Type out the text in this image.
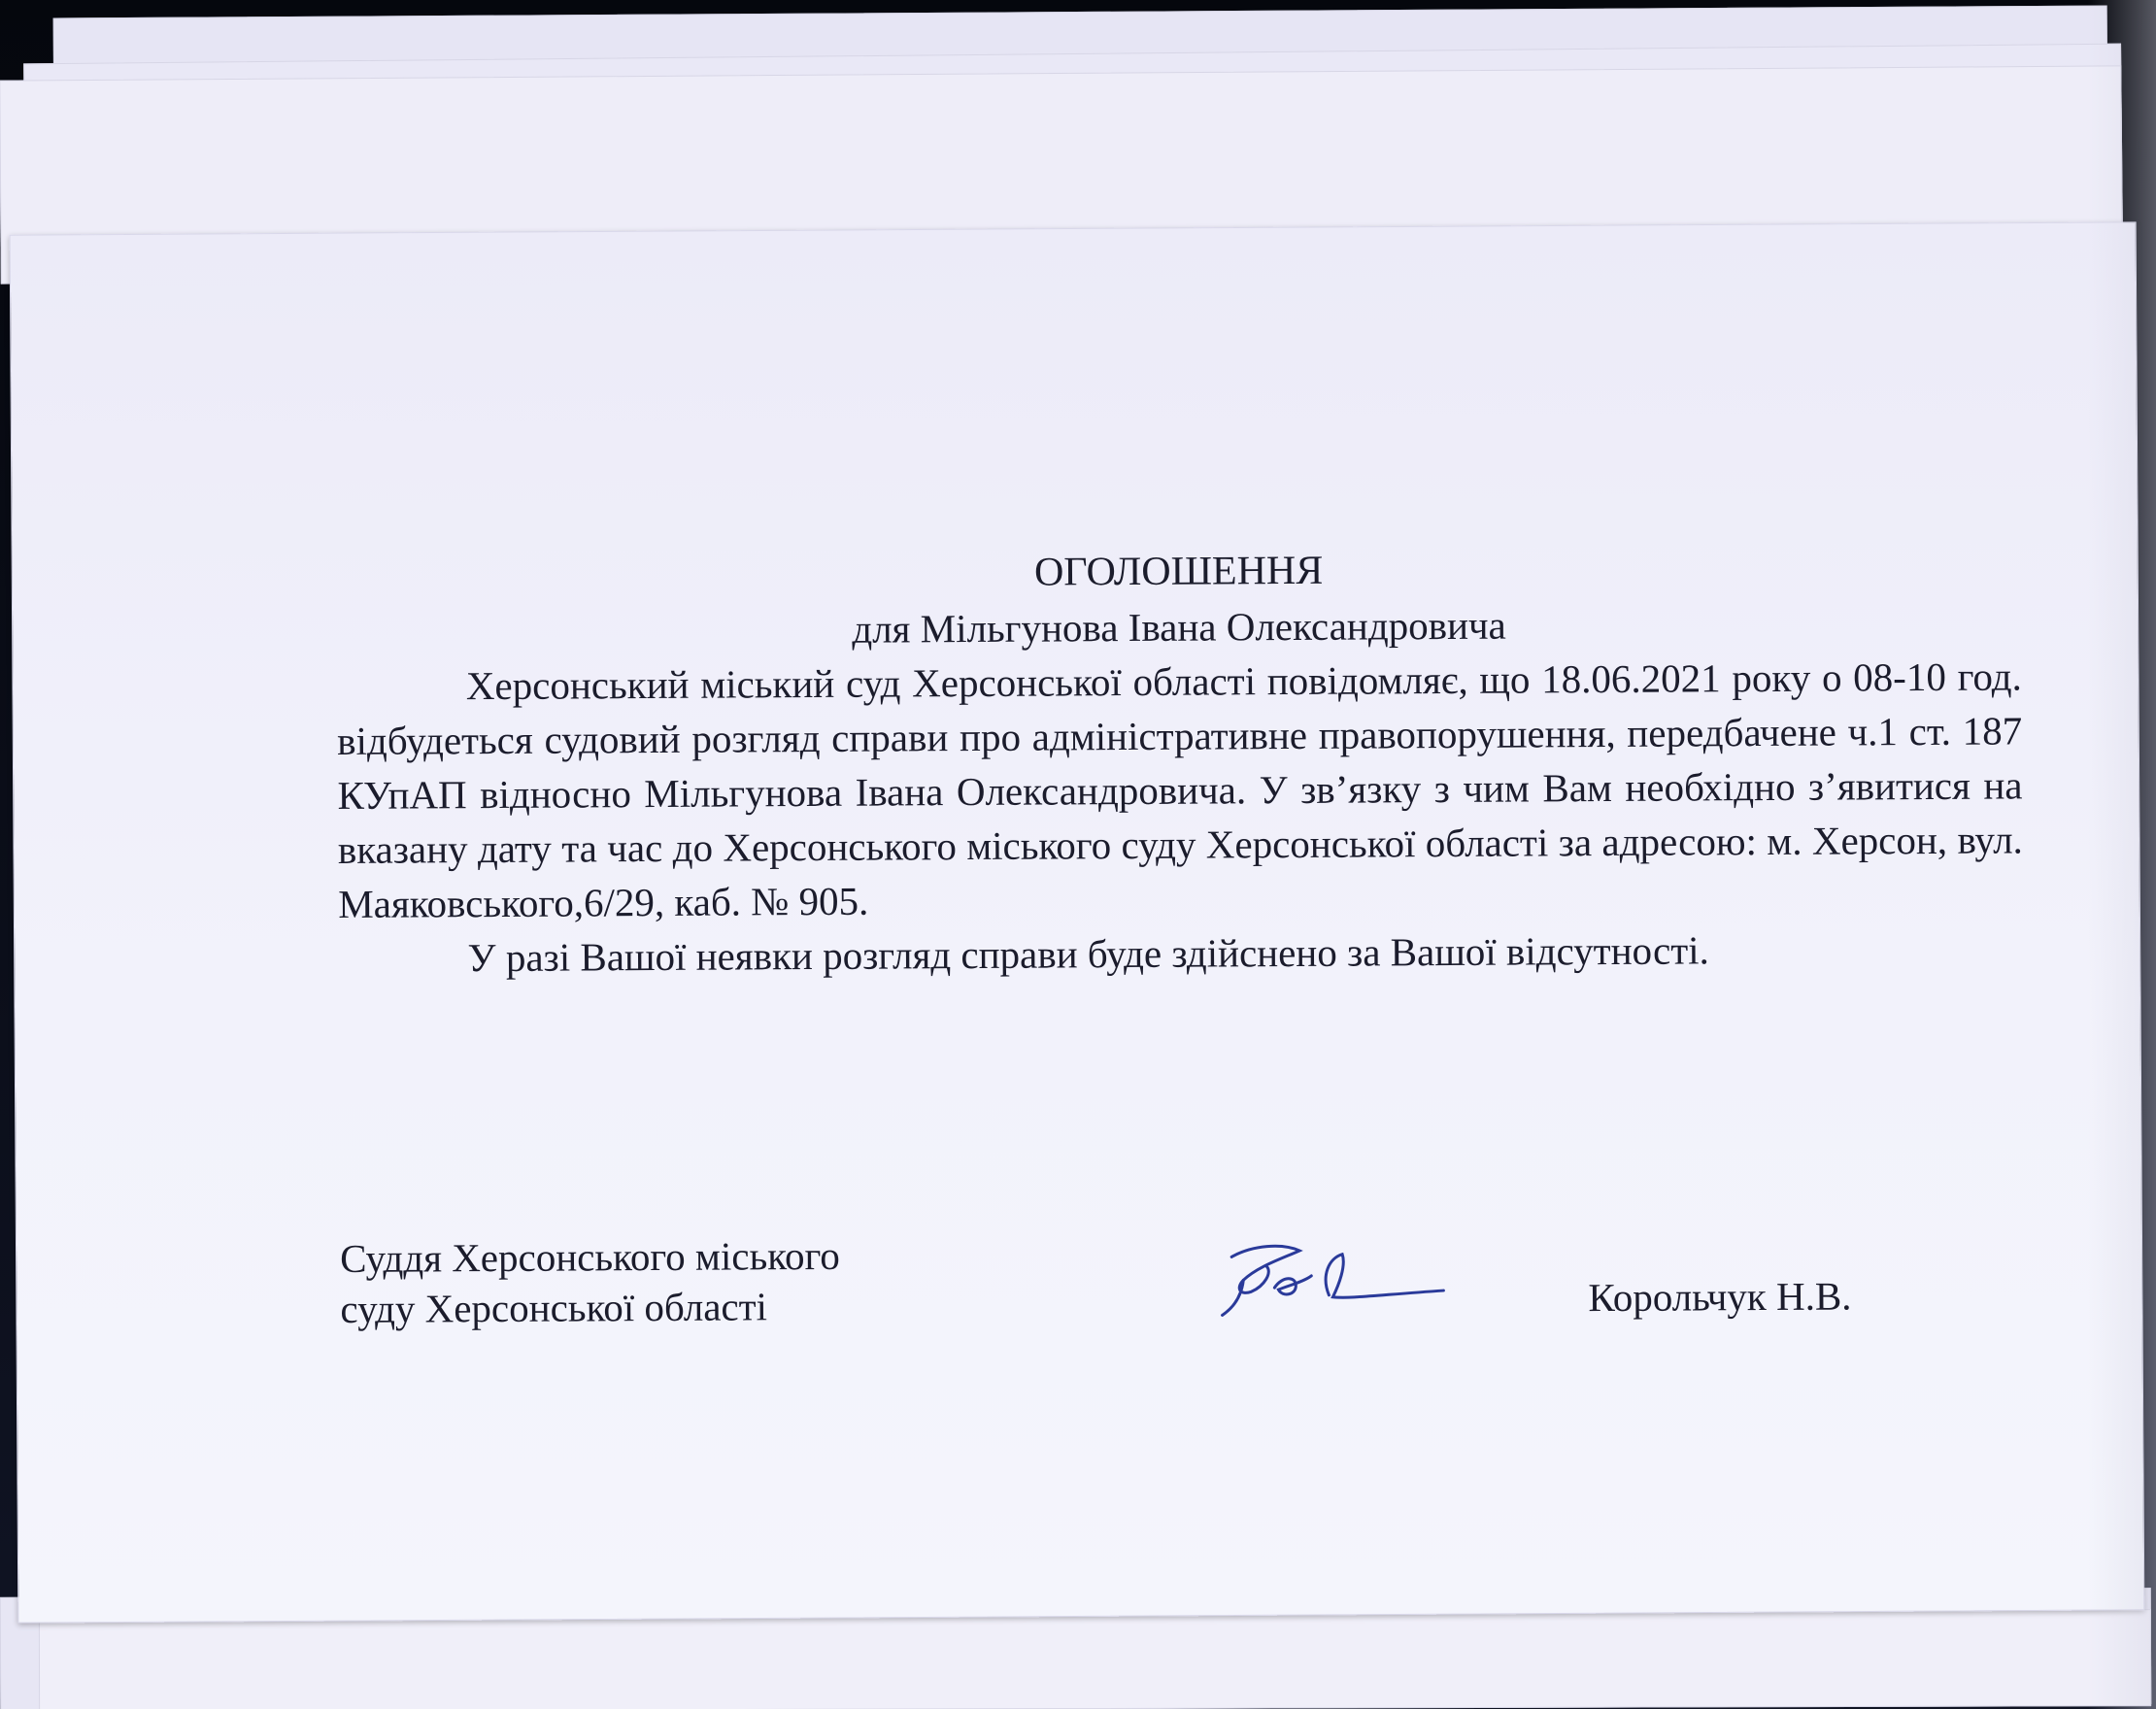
ОГОЛОШЕННЯ

для Мільгунова Івана Олександровича

Херсонський міський суд Херсонської області повідомляє, що 18.06.2021 року о 08-10 год. відбудеться судовий розгляд справи про адміністративне правопорушення, передбачене ч.1 ст. 187 КУпАП відносно Мільгунова Івана Олександровича. У зв’язку з чим Вам необхідно з’явитися на вказану дату та час до Херсонського міського суду Херсонської області за адресою: м. Херсон, вул. Маяковського,6/29, каб. № 905.

У разі Вашої неявки розгляд справи буде здійснено за Вашої відсутності.

Суддя Херсонського міського
суду Херсонської області	Корольчук Н.В.
